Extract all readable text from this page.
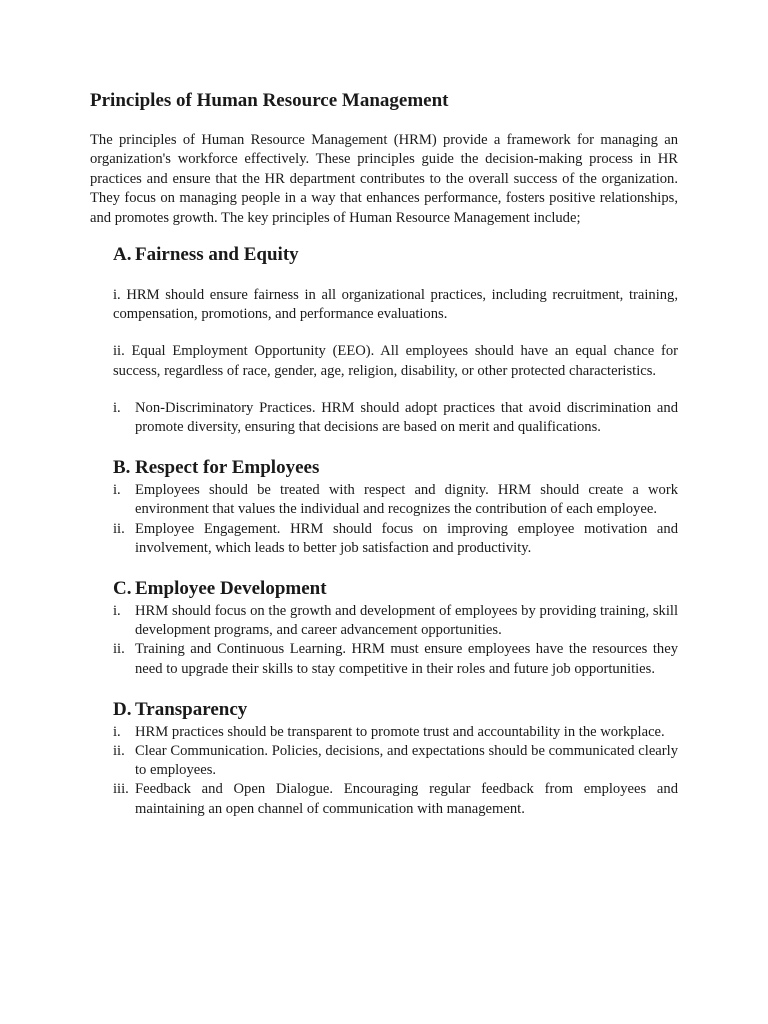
Principles of Human Resource Management

The principles of Human Resource Management (HRM) provide a framework for managing an organization's workforce effectively. These principles guide the decision-making process in HR practices and ensure that the HR department contributes to the overall success of the organization. They focus on managing people in a way that enhances performance, fosters positive relationships, and promotes growth. The key principles of Human Resource Management include;

A. Fairness and Equity

i. HRM should ensure fairness in all organizational practices, including recruitment, training, compensation, promotions, and performance evaluations.

ii. Equal Employment Opportunity (EEO). All employees should have an equal chance for success, regardless of race, gender, age, religion, disability, or other protected characteristics.

i. Non-Discriminatory Practices. HRM should adopt practices that avoid discrimination and promote diversity, ensuring that decisions are based on merit and qualifications.
B. Respect for Employees
i. Employees should be treated with respect and dignity. HRM should create a work environment that values the individual and recognizes the contribution of each employee.
ii. Employee Engagement. HRM should focus on improving employee motivation and involvement, which leads to better job satisfaction and productivity.
C. Employee Development
i. HRM should focus on the growth and development of employees by providing training, skill development programs, and career advancement opportunities.
ii. Training and Continuous Learning. HRM must ensure employees have the resources they need to upgrade their skills to stay competitive in their roles and future job opportunities.
D. Transparency
i. HRM practices should be transparent to promote trust and accountability in the workplace.
ii. Clear Communication. Policies, decisions, and expectations should be communicated clearly to employees.
iii. Feedback and Open Dialogue. Encouraging regular feedback from employees and maintaining an open channel of communication with management.
